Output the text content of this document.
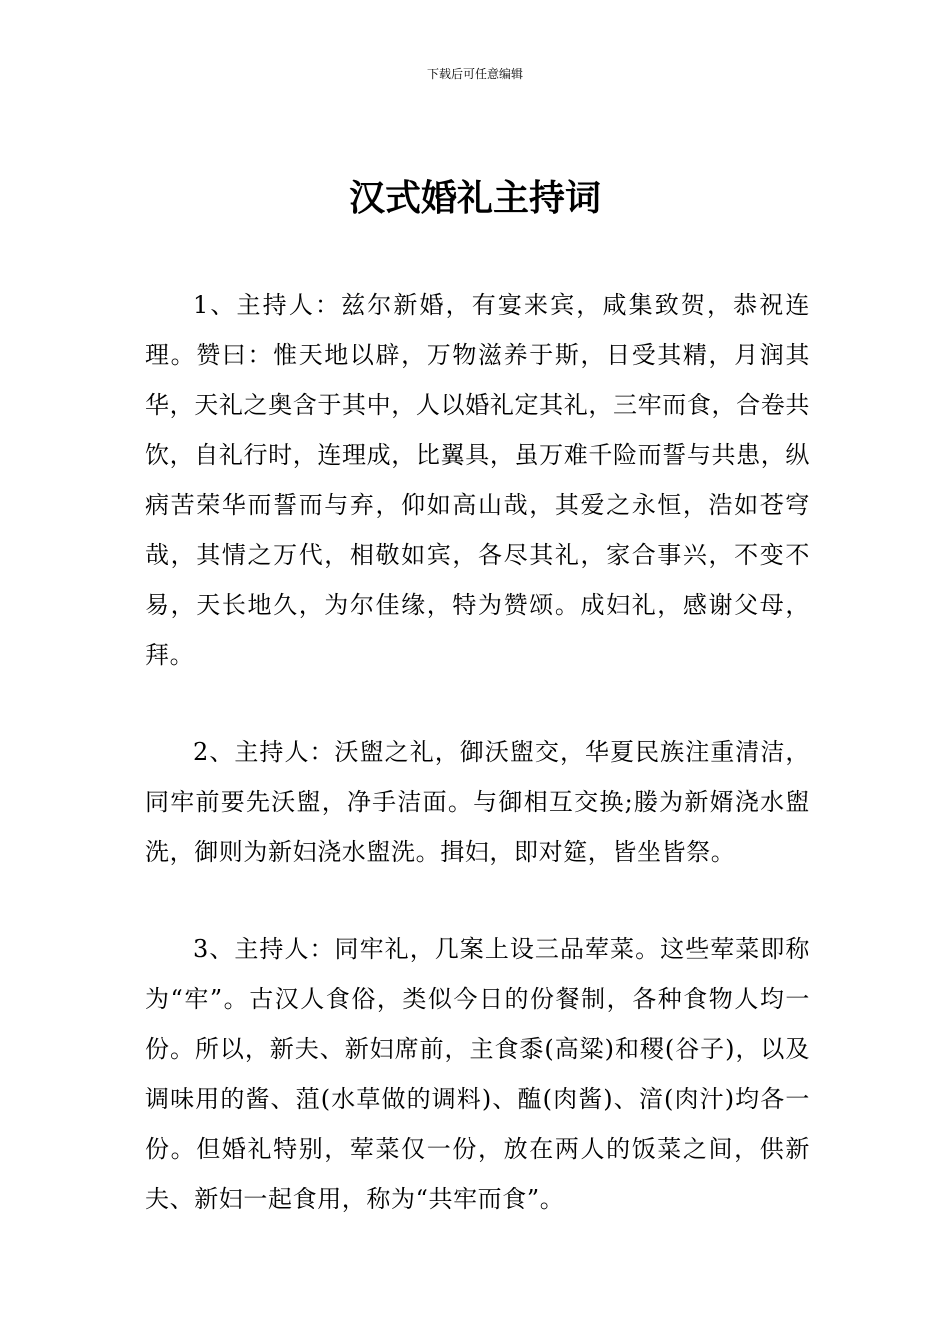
下载后可任意编辑
汉式婚礼主持词

1、主持人：兹尔新婚，有宴来宾，咸集致贺，恭祝连理。赞曰：惟天地以辟，万物滋养于斯，日受其精，月润其华，天礼之奥含于其中，人以婚礼定其礼，三牢而食，合卷共饮，自礼行时，连理成，比翼具，虽万难千险而誓与共患，纵病苦荣华而誓而与弃，仰如高山哉，其爱之永恒，浩如苍穹哉，其情之万代，相敬如宾，各尽其礼，家合事兴，不变不易，天长地久，为尔佳缘，特为赞颂。成妇礼，感谢父母，拜。

2、主持人：沃盥之礼，御沃盥交，华夏民族注重清洁，同牢前要先沃盥，净手洁面。与御相互交换;媵为新婿浇水盥洗，御则为新妇浇水盥洗。揖妇，即对筵，皆坐皆祭。

3、主持人：同牢礼，几案上设三品荤菜。这些荤菜即称为“牢”。古汉人食俗，类似今日的份餐制，各种食物人均一份。所以，新夫、新妇席前，主食黍(高粱)和稷(谷子)，以及调味用的酱、菹(水草做的调料)、醢(肉酱)、湆(肉汁)均各一份。但婚礼特别，荤菜仅一份，放在两人的饭菜之间，供新夫、新妇一起食用，称为“共牢而食”。
